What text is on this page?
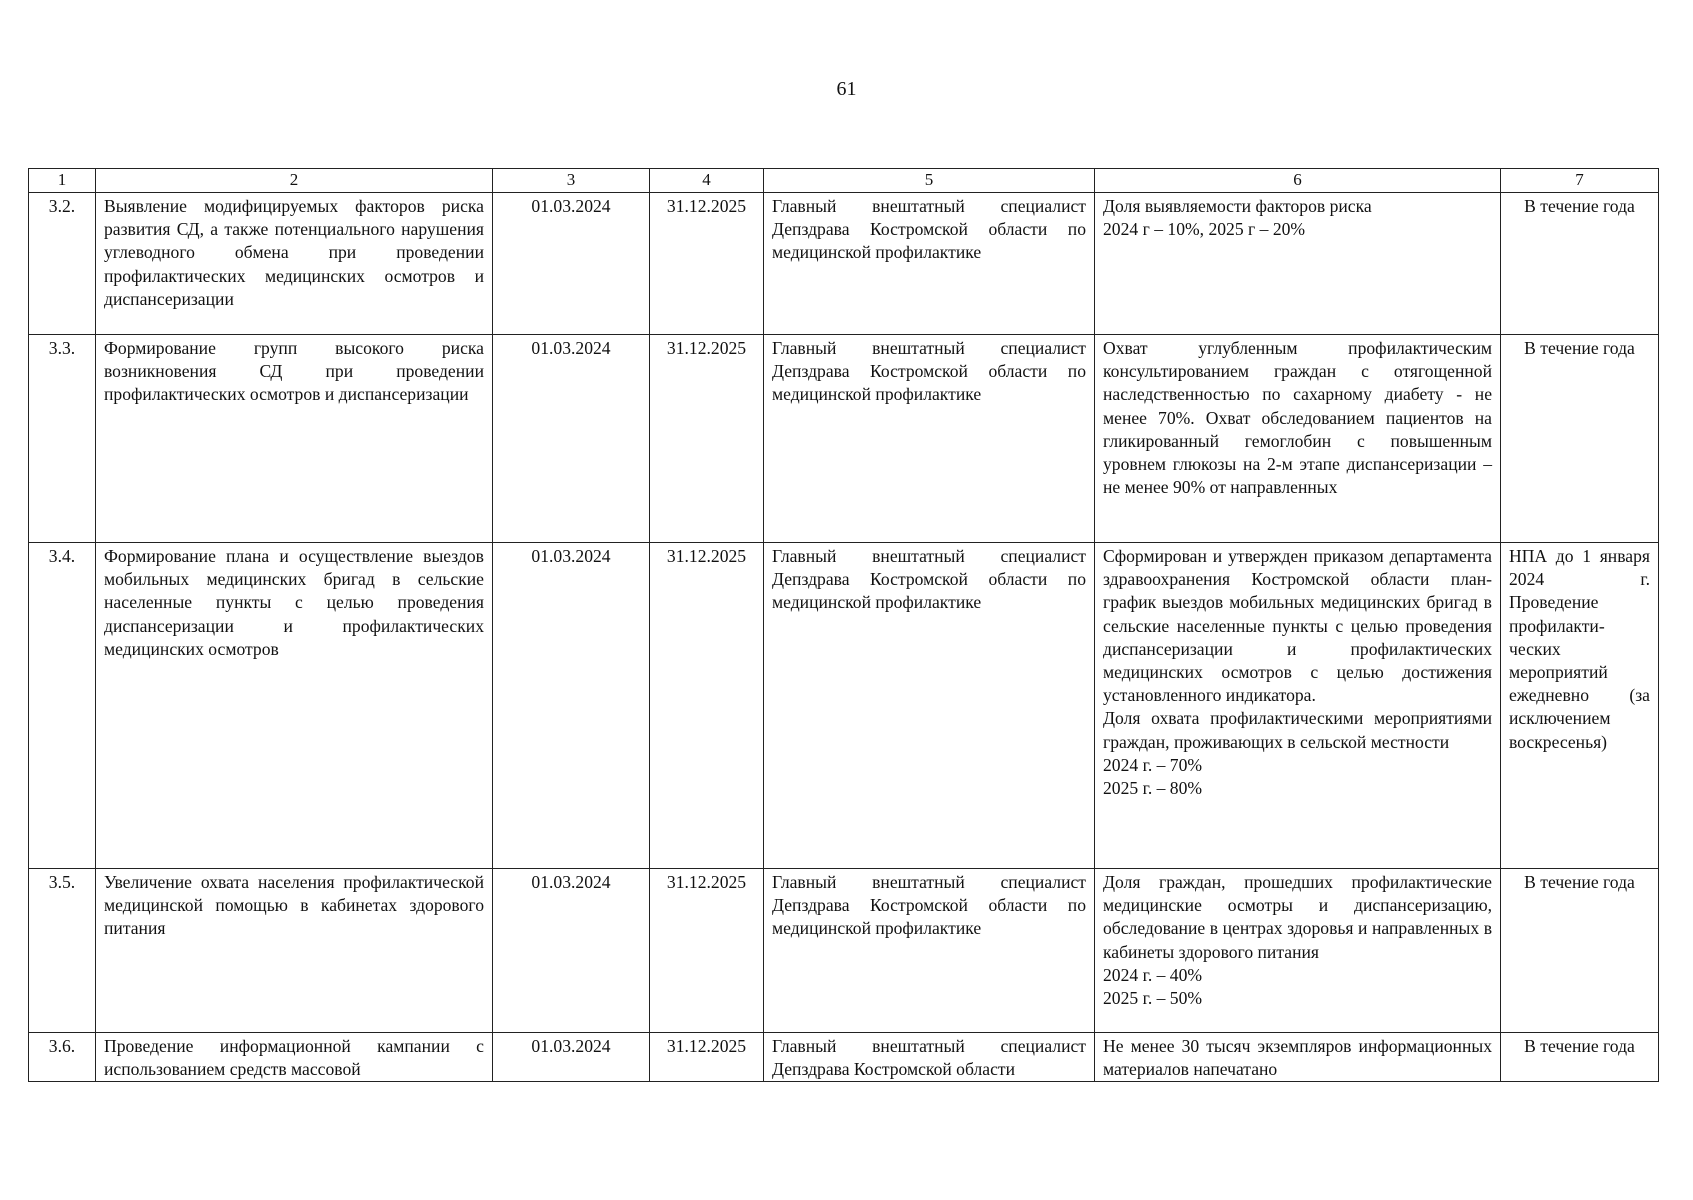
61
1	2	3	4	5	6	7
3.2.	Выявление модифицируемых факторов риска развития СД, а также потенциального нарушения углеводного обмена при проведении профилактических медицинских осмотров и диспансеризации	01.03.2024	31.12.2025	Главный внештатный специалист Депздрава Костромской области по медицинской профилактике	Доля выявляемости факторов риска
2024 г – 10%, 2025 г – 20%	В течение года
3.3.	Формирование групп высокого риска возникновения СД при проведении профилактических осмотров и диспансеризации	01.03.2024	31.12.2025	Главный внештатный специалист Депздрава Костромской области по медицинской профилактике	Охват углубленным профилактическим консультированием граждан с отягощенной наследственностью по сахарному диабету - не менее 70%. Охват обследованием пациентов на гликированный гемоглобин с повышенным уровнем глюкозы на 2-м этапе диспансеризации – не менее 90% от направленных	В течение года
3.4.	Формирование плана и осуществление выездов мобильных медицинских бригад в сельские населенные пункты с целью проведения диспансеризации и профилактических медицинских осмотров	01.03.2024	31.12.2025	Главный внештатный специалист Депздрава Костромской области по медицинской профилактике	Сформирован и утвержден приказом департамента здравоохранения Костромской области план-график выездов мобильных медицинских бригад в сельские населенные пункты с целью проведения диспансеризации и профилактических медицинских осмотров с целью достижения установленного индикатора.
Доля охвата профилактическими мероприятиями граждан, проживающих в сельской местности
2024 г. – 70%
2025 г. – 80%	НПА до 1 января 2024 г. Проведение профилакти-ческих мероприятий ежедневно (за исключением воскресенья)
3.5.	Увеличение охвата населения профилактической медицинской помощью в кабинетах здорового питания	01.03.2024	31.12.2025	Главный внештатный специалист Депздрава Костромской области по медицинской профилактике	Доля граждан, прошедших профилактические медицинские осмотры и диспансеризацию, обследование в центрах здоровья и направленных в кабинеты здорового питания
2024 г. – 40%
2025 г. – 50%	В течение года
3.6.	Проведение информационной кампании с использованием средств массовой	01.03.2024	31.12.2025	Главный внештатный специалист Депздрава Костромской области	Не менее 30 тысяч экземпляров информационных материалов напечатано	В течение года
